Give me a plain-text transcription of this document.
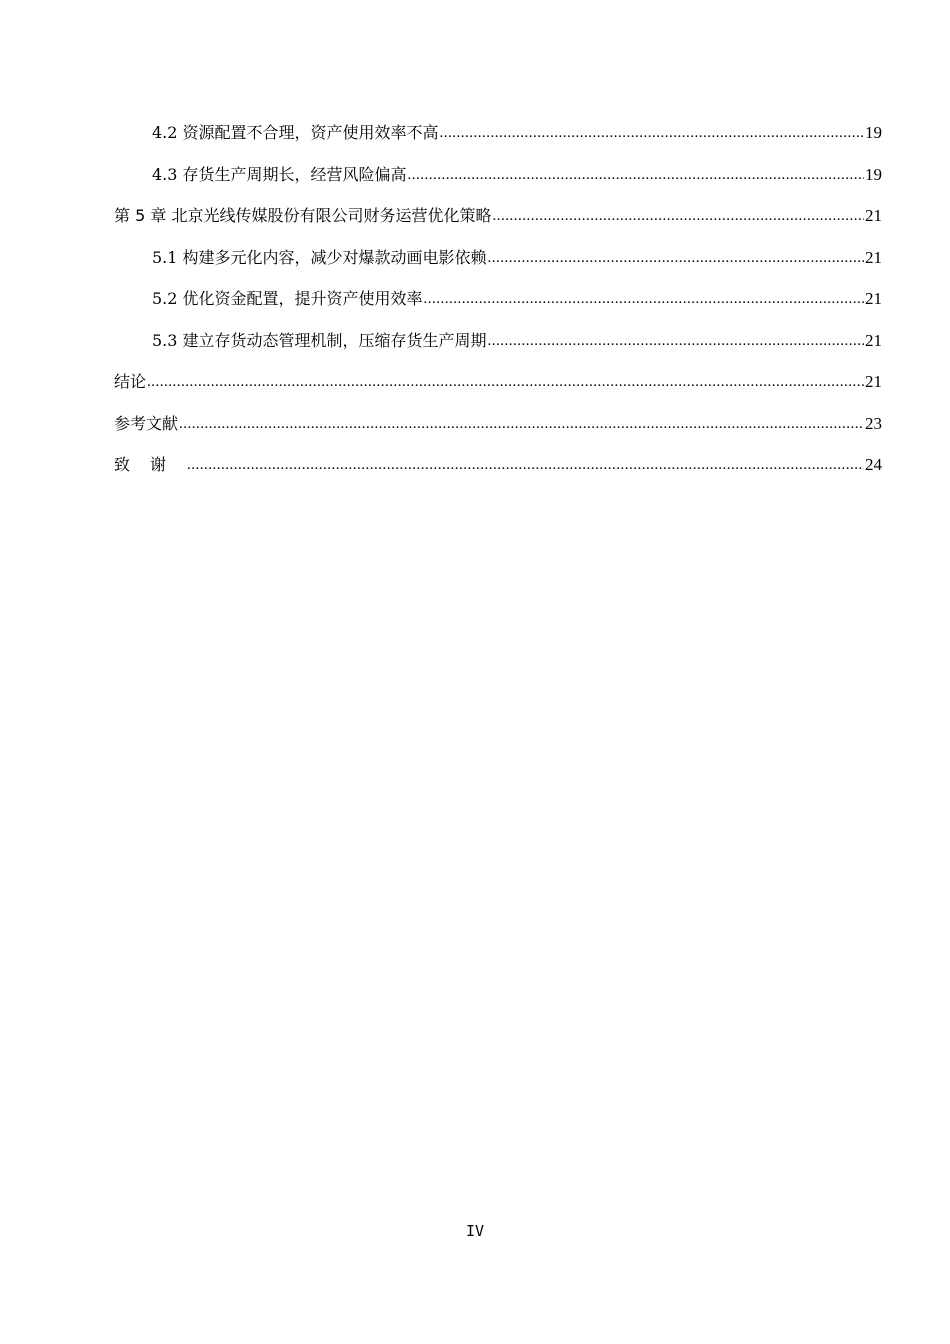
4.2 资源配置不合理，资产使用效率不高 .....	19
4.3 存货生产周期长，经营风险偏高 .....	19
第 5 章 北京光线传媒股份有限公司财务运营优化策略 .....	21
5.1 构建多元化内容，减少对爆款动画电影依赖 .....	21
5.2 优化资金配置，提升资产使用效率 .....	21
5.3 建立存货动态管理机制，压缩存货生产周期 .....	21
结论 .....	21
参考文献 .....	23
致谢 .....	24
IV
